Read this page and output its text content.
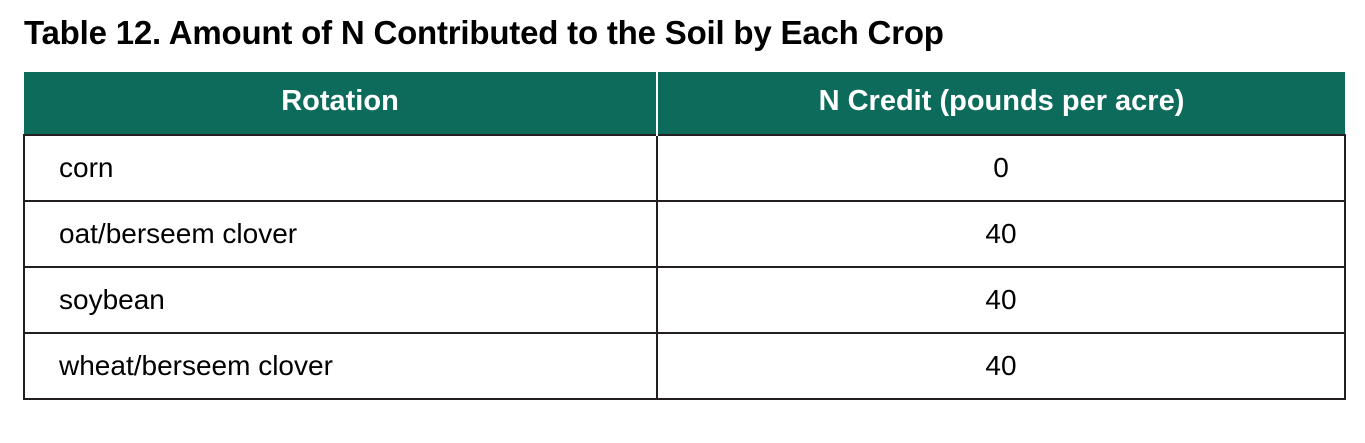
Table 12. Amount of N Contributed to the Soil by Each Crop
Rotation	N Credit (pounds per acre)
corn	0
oat/berseem clover	40
soybean	40
wheat/berseem clover	40
